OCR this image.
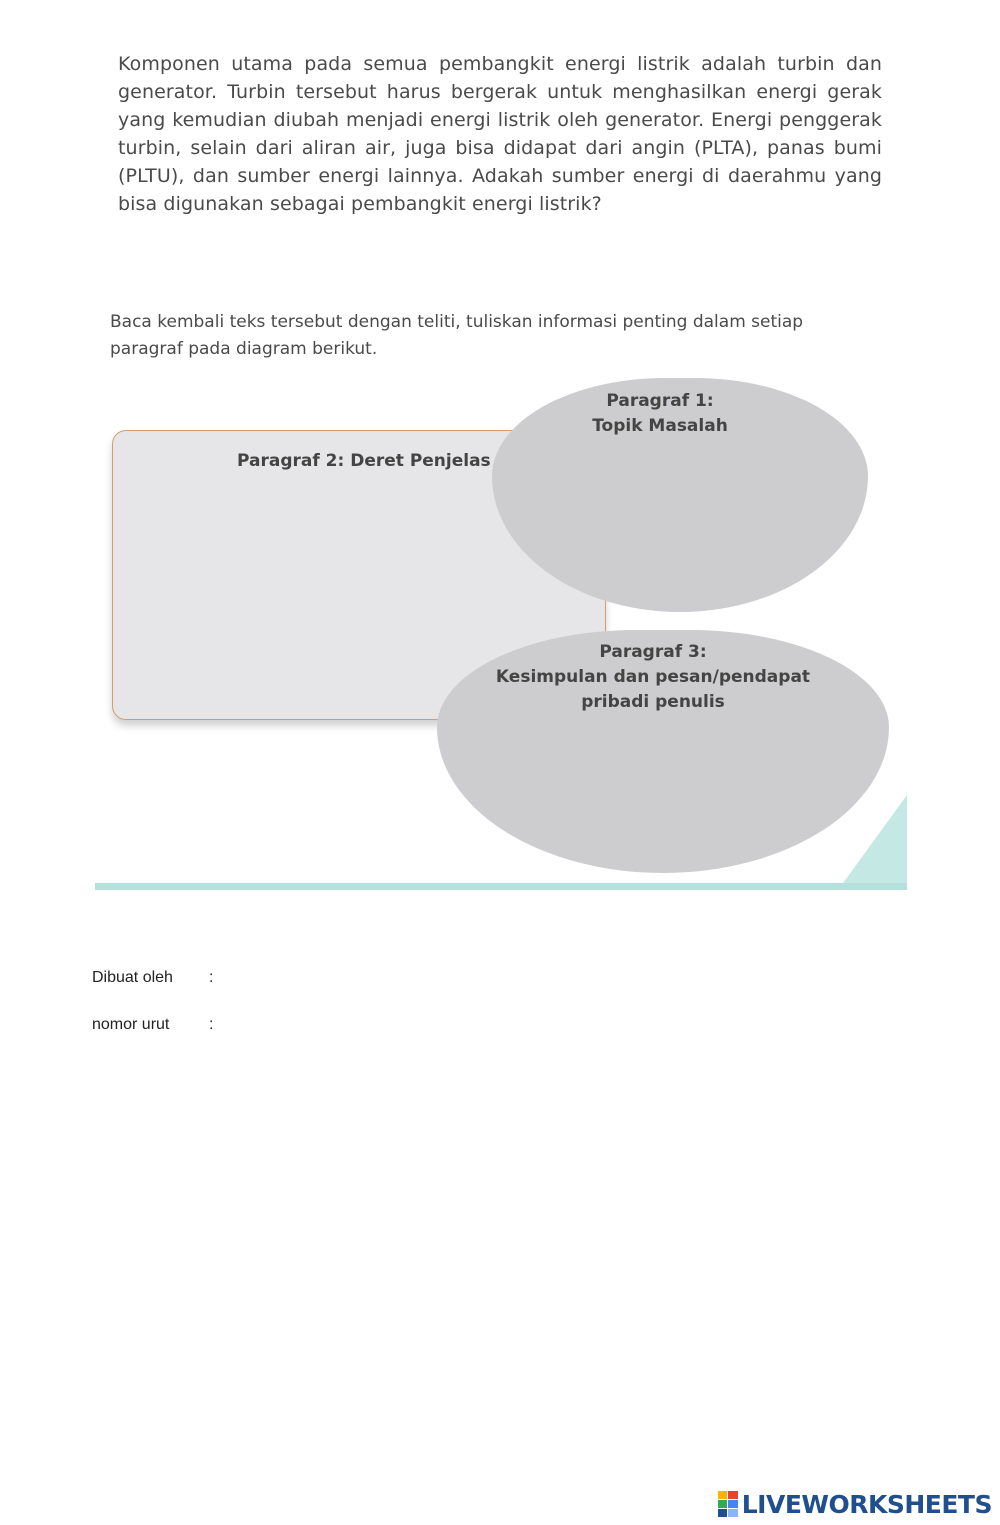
Komponen utama pada semua pembangkit energi listrik adalah turbin dan generator. Turbin tersebut harus bergerak untuk menghasilkan energi gerak yang kemudian diubah menjadi energi listrik oleh generator. Energi penggerak turbin, selain dari aliran air, juga bisa didapat dari angin (PLTA), panas bumi (PLTU), dan sumber energi lainnya. Adakah sumber energi di daerahmu yang bisa digunakan sebagai pembangkit energi listrik?
Baca kembali teks tersebut dengan teliti, tuliskan informasi penting dalam setiap paragraf pada diagram berikut.
Paragraf 2: Deret Penjelas
Paragraf 1:
Topik Masalah
Paragraf 3:
Kesimpulan dan pesan/pendapat
pribadi penulis
Dibuat oleh :
nomor urut :
LIVEWORKSHEETS
